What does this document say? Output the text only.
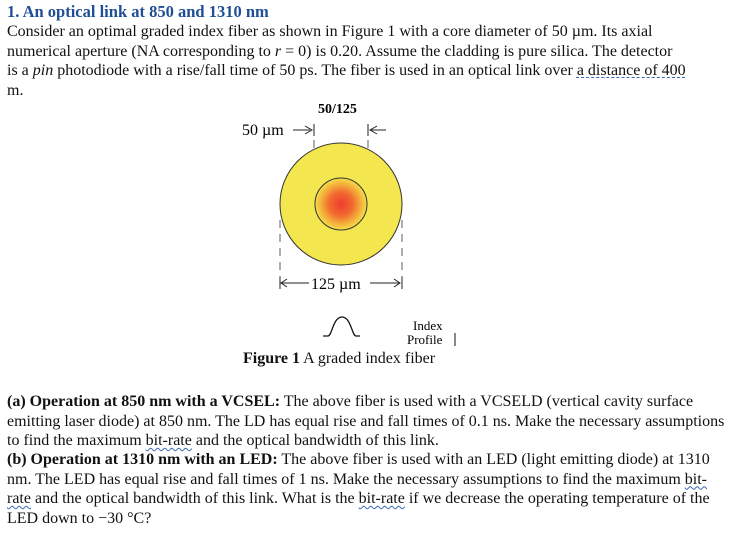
1. An optical link at 850 and 1310 nm
Consider an optimal graded index fiber as shown in Figure 1 with a core diameter of 50 µm. Its axial
numerical aperture (NA corresponding to r = 0) is 0.20. Assume the cladding is pure silica. The detector
is a pin photodiode with a rise/fall time of 50 ps. The fiber is used in an optical link over a distance of 400
m.
50/125
50 µm
125 µm
Index
Profile
Figure 1 A graded index fiber
(a) Operation at 850 nm with a VCSEL: The above fiber is used with a VCSELD (vertical cavity surface emitting laser diode) at 850 nm. The LD has equal rise and fall times of 0.1 ns. Make the necessary assumptions to find the maximum bit-rate and the optical bandwidth of this link.
(b) Operation at 1310 nm with an LED: The above fiber is used with an LED (light emitting diode) at 1310 nm. The LED has equal rise and fall times of 1 ns. Make the necessary assumptions to find the maximum bit-rate and the optical bandwidth of this link. What is the bit-rate if we decrease the operating temperature of the LED down to −30 °C?
